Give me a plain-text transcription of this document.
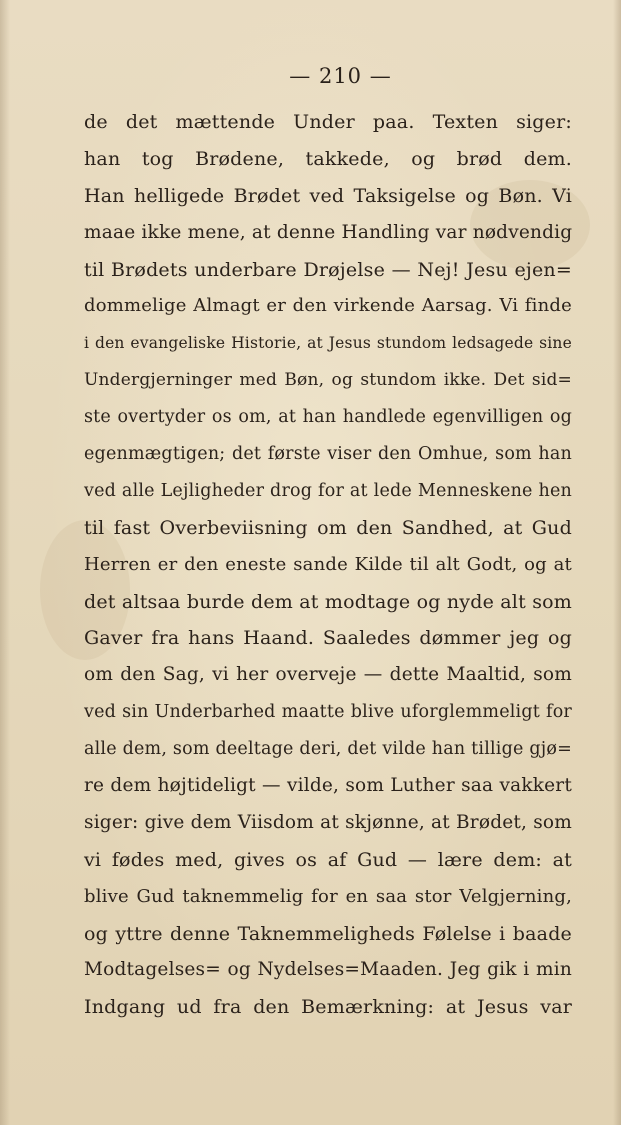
— 210 —
de det mættende Under paa. Texten siger:
han tog Brødene, takkede, og brød dem.
Han helligede Brødet ved Taksigelse og Bøn. Vi
maae ikke mene, at denne Handling var nødvendig
til Brødets underbare Drøjelse — Nej! Jesu ejen=
dommelige Almagt er den virkende Aarsag. Vi finde
i den evangeliske Historie, at Jesus stundom ledsagede sine
Undergjerninger med Bøn, og stundom ikke. Det sid=
ste overtyder os om, at han handlede egenvilligen og
egenmægtigen; det første viser den Omhue, som han
ved alle Lejligheder drog for at lede Menneskene hen
til fast Overbeviisning om den Sandhed, at Gud
Herren er den eneste sande Kilde til alt Godt, og at
det altsaa burde dem at modtage og nyde alt som
Gaver fra hans Haand. Saaledes dømmer jeg og
om den Sag, vi her overveje — dette Maaltid, som
ved sin Underbarhed maatte blive uforglemmeligt for
alle dem, som deeltage deri, det vilde han tillige gjø=
re dem højtideligt — vilde, som Luther saa vakkert
siger: give dem Viisdom at skjønne, at Brødet, som
vi fødes med, gives os af Gud — lære dem: at
blive Gud taknemmelig for en saa stor Velgjerning,
og yttre denne Taknemmeligheds Følelse i baade
Modtagelses= og Nydelses=Maaden. Jeg gik i min
Indgang ud fra den Bemærkning: at Jesus var
